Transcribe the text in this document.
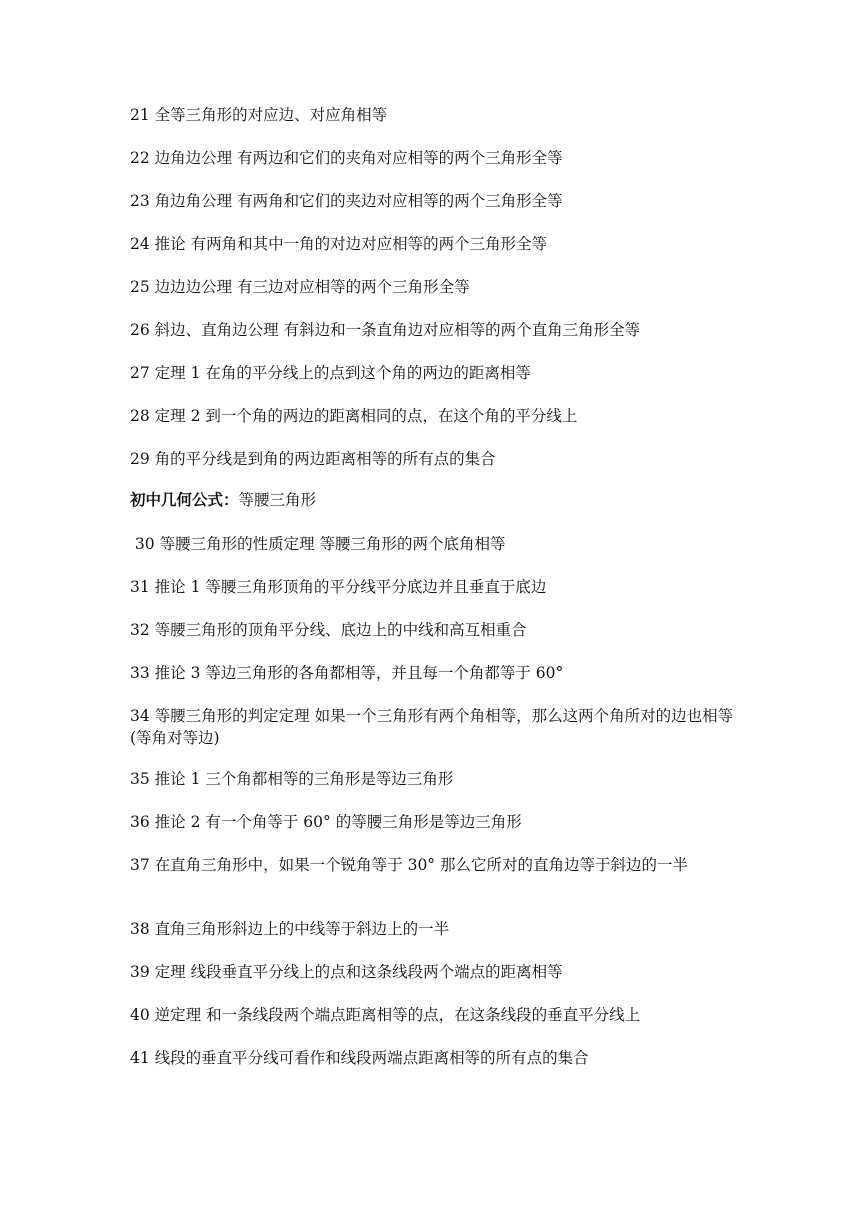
21 全等三角形的对应边、对应角相等
22 边角边公理 有两边和它们的夹角对应相等的两个三角形全等
23 角边角公理 有两角和它们的夹边对应相等的两个三角形全等
24 推论 有两角和其中一角的对边对应相等的两个三角形全等
25 边边边公理 有三边对应相等的两个三角形全等
26 斜边、直角边公理 有斜边和一条直角边对应相等的两个直角三角形全等
27 定理 1 在角的平分线上的点到这个角的两边的距离相等
28 定理 2 到一个角的两边的距离相同的点，在这个角的平分线上
29 角的平分线是到角的两边距离相等的所有点的集合
初中几何公式：等腰三角形
30 等腰三角形的性质定理 等腰三角形的两个底角相等
31 推论 1 等腰三角形顶角的平分线平分底边并且垂直于底边
32 等腰三角形的顶角平分线、底边上的中线和高互相重合
33 推论 3 等边三角形的各角都相等，并且每一个角都等于 60°
34 等腰三角形的判定定理 如果一个三角形有两个角相等，那么这两个角所对的边也相等(等角对等边)
35 推论 1 三个角都相等的三角形是等边三角形
36 推论 2 有一个角等于 60° 的等腰三角形是等边三角形
37 在直角三角形中，如果一个锐角等于 30° 那么它所对的直角边等于斜边的一半
38 直角三角形斜边上的中线等于斜边上的一半
39 定理 线段垂直平分线上的点和这条线段两个端点的距离相等
40 逆定理 和一条线段两个端点距离相等的点，在这条线段的垂直平分线上
41 线段的垂直平分线可看作和线段两端点距离相等的所有点的集合
